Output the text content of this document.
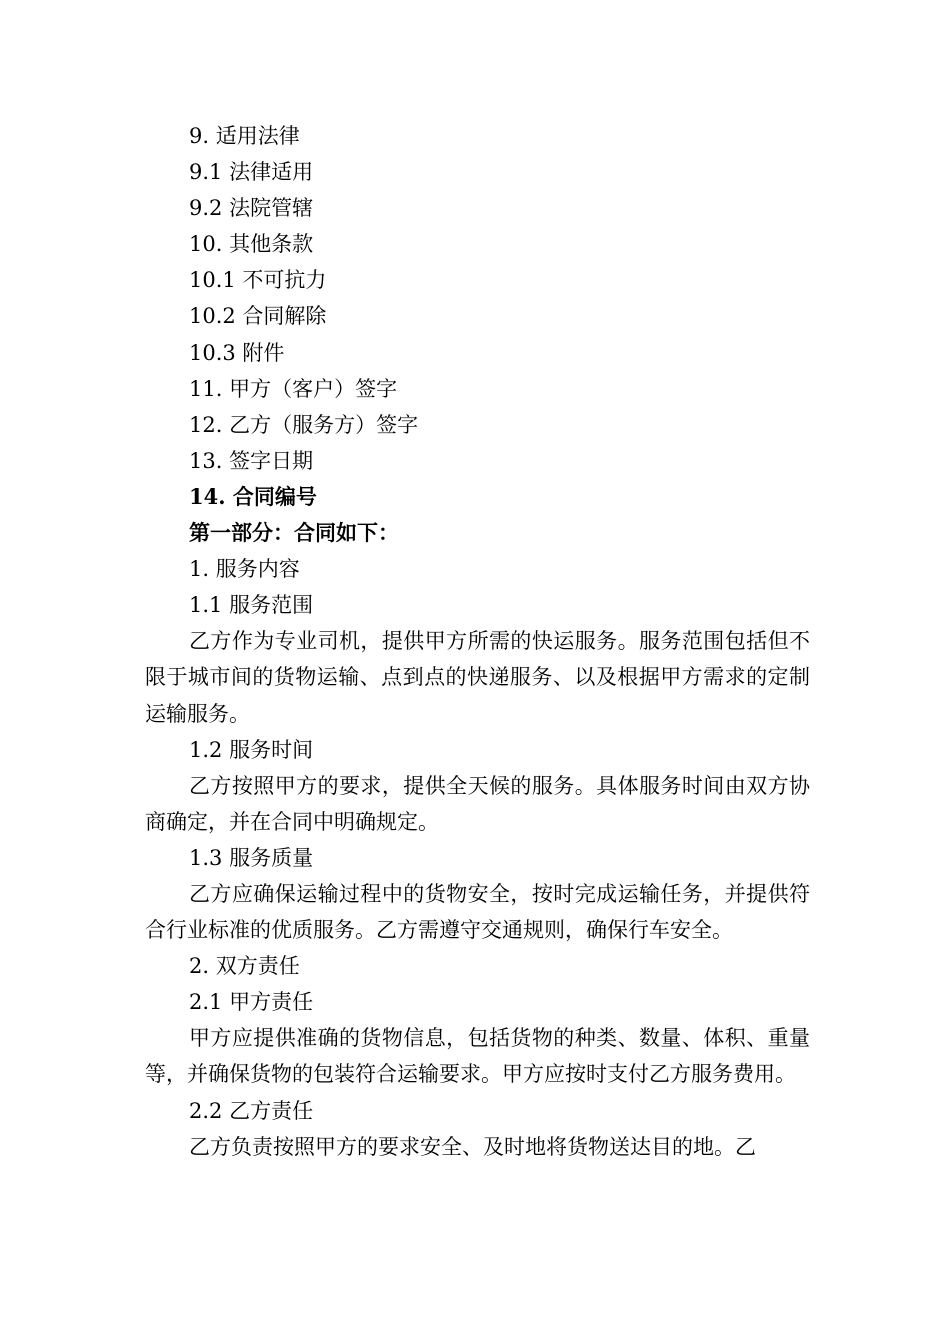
9. 适用法律
9.1 法律适用
9.2 法院管辖
10. 其他条款
10.1 不可抗力
10.2 合同解除
10.3 附件
11. 甲方（客户）签字
12. 乙方（服务方）签字
13. 签字日期
14. 合同编号
第一部分：合同如下：
1. 服务内容
1.1 服务范围

乙方作为专业司机，提供甲方所需的快运服务。服务范围包括但不限于城市间的货物运输、点到点的快递服务、以及根据甲方需求的定制运输服务。

1.2 服务时间

乙方按照甲方的要求，提供全天候的服务。具体服务时间由双方协商确定，并在合同中明确规定。

1.3 服务质量

乙方应确保运输过程中的货物安全，按时完成运输任务，并提供符合行业标准的优质服务。乙方需遵守交通规则，确保行车安全。

2. 双方责任
2.1 甲方责任

甲方应提供准确的货物信息，包括货物的种类、数量、体积、重量等，并确保货物的包装符合运输要求。甲方应按时支付乙方服务费用。

2.2 乙方责任

乙方负责按照甲方的要求安全、及时地将货物送达目的地。乙
